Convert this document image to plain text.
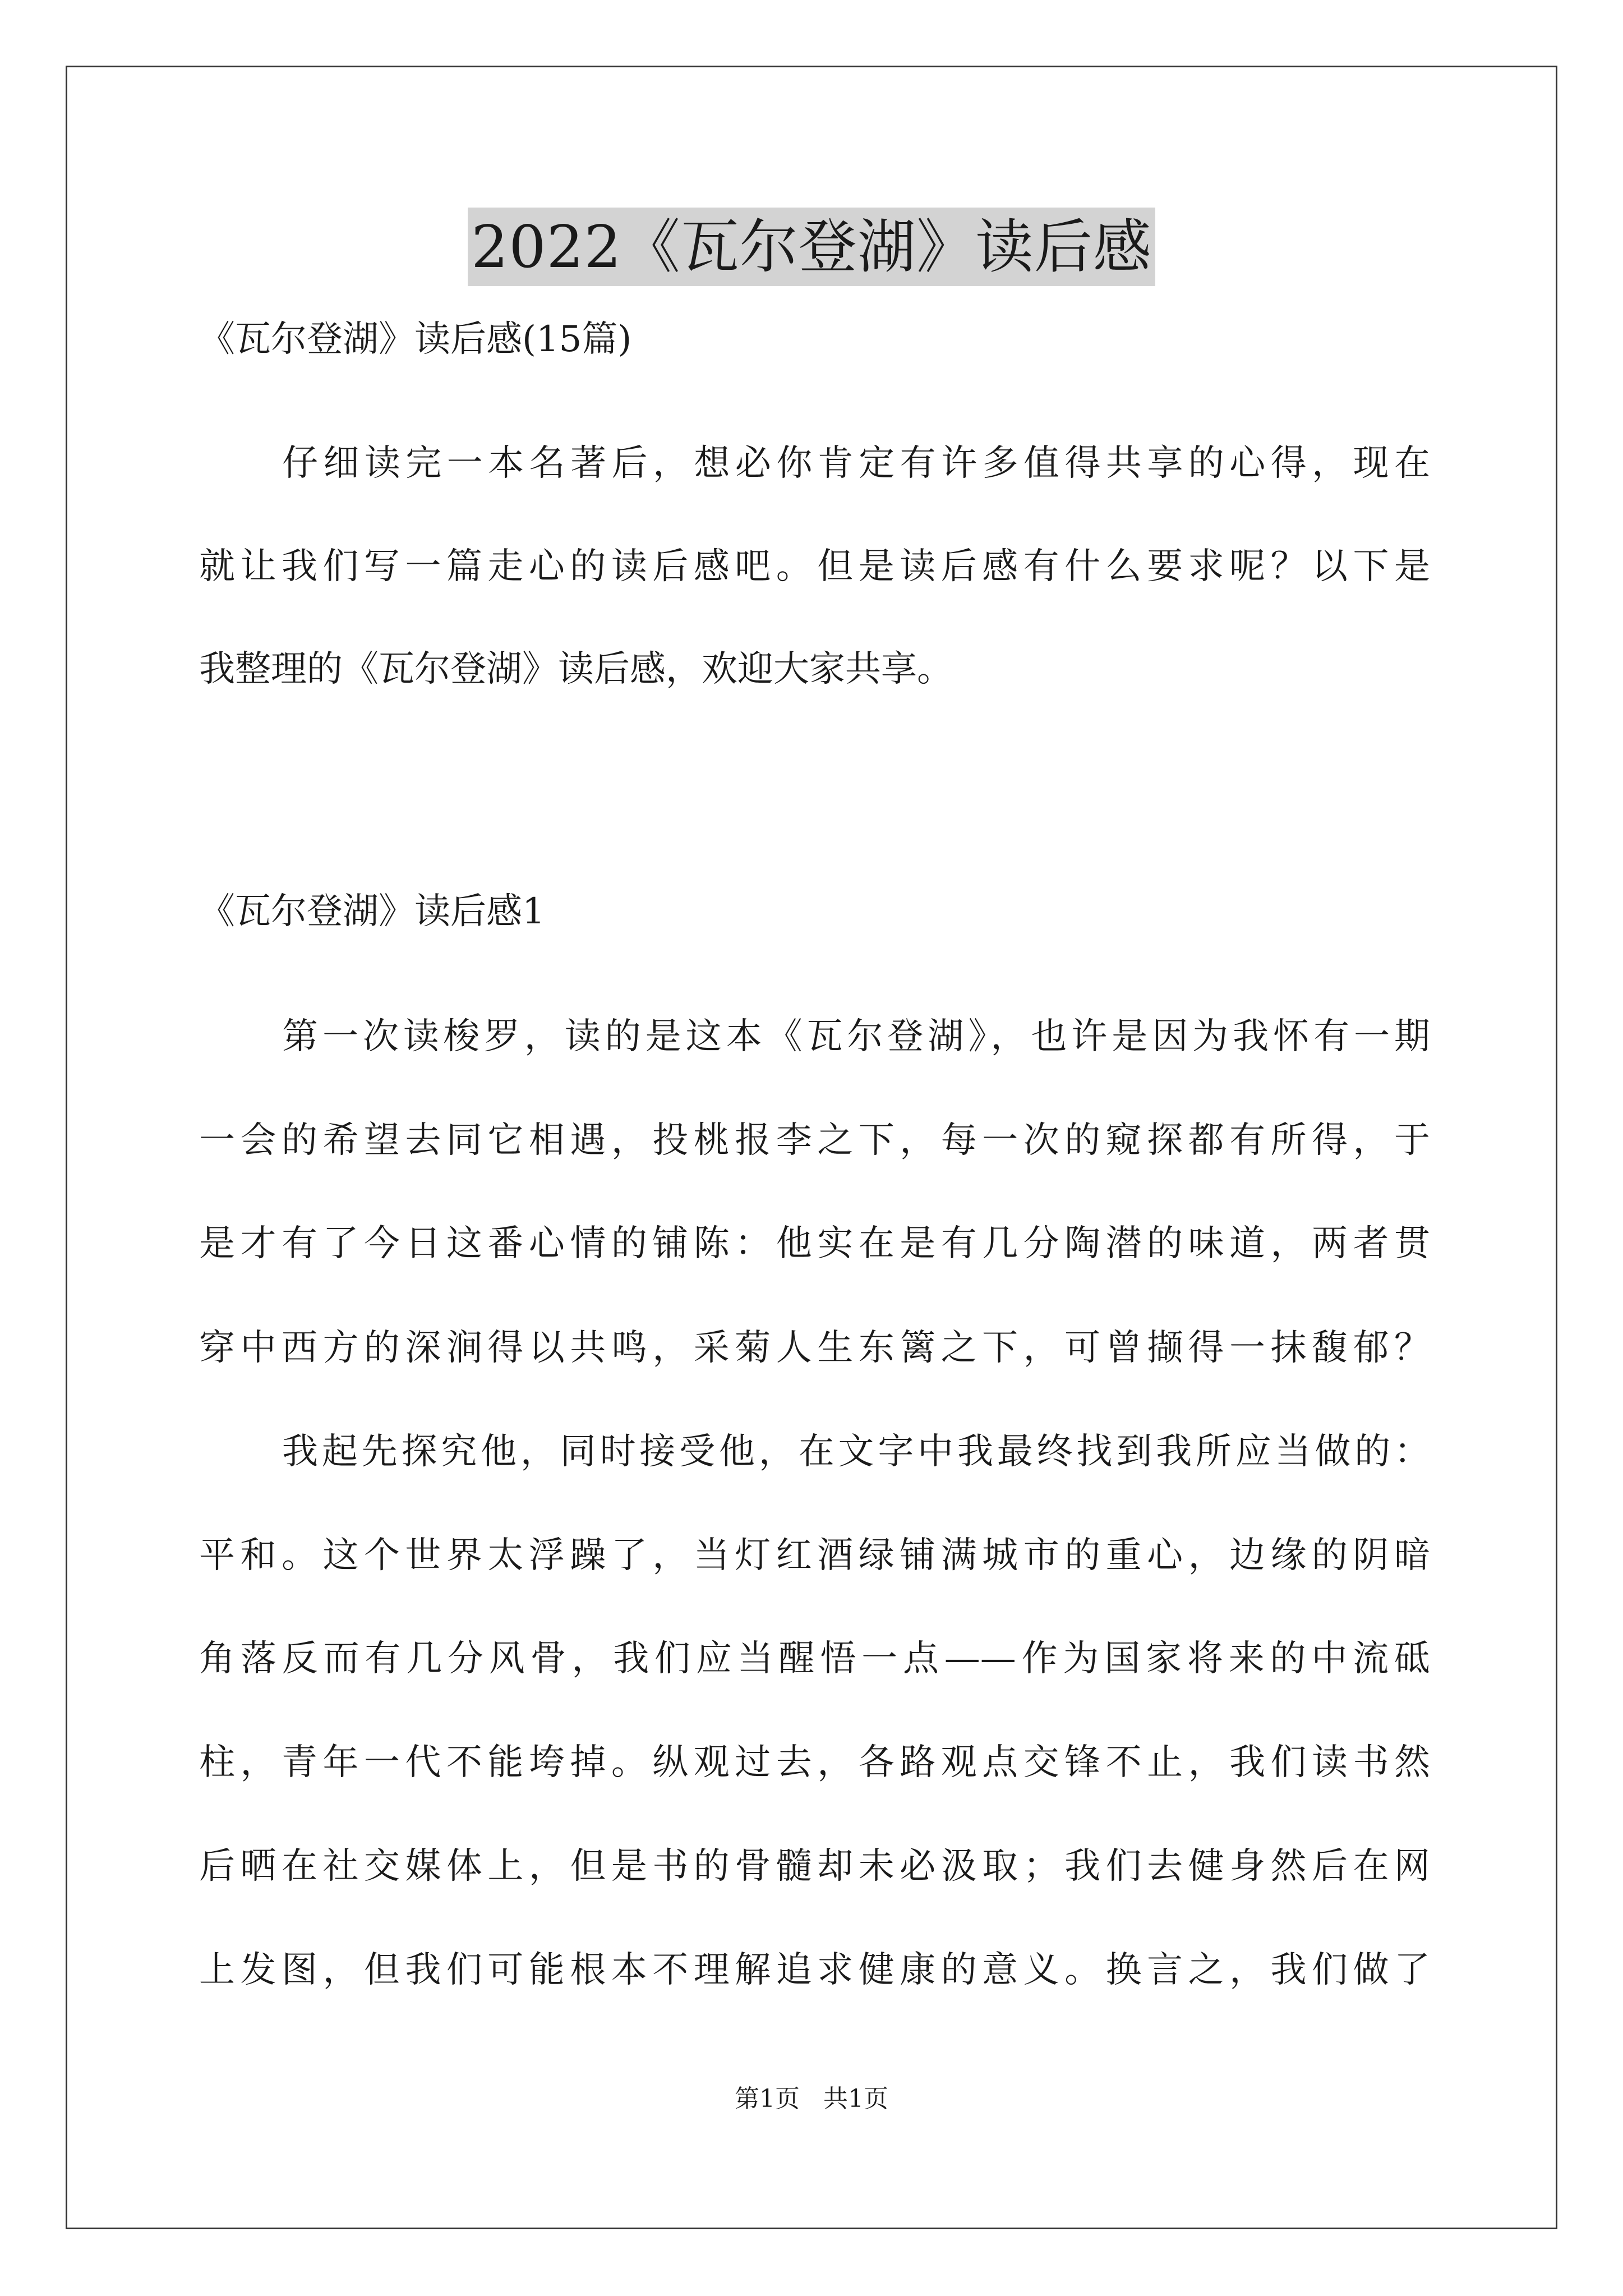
2022《瓦尔登湖》读后感
《瓦尔登湖》读后感(15篇)
仔细读完一本名著后，想必你肯定有许多值得共享的心得，现在
就让我们写一篇走心的读后感吧。但是读后感有什么要求呢？以下是
我整理的《瓦尔登湖》读后感，欢迎大家共享。
《瓦尔登湖》读后感1
第一次读梭罗，读的是这本《瓦尔登湖》，也许是因为我怀有一期
一会的希望去同它相遇，投桃报李之下，每一次的窥探都有所得，于
是才有了今日这番心情的铺陈：他实在是有几分陶潜的味道，两者贯
穿中西方的深涧得以共鸣，采菊人生东篱之下，可曾撷得一抹馥郁？
我起先探究他，同时接受他，在文字中我最终找到我所应当做的：
平和。这个世界太浮躁了，当灯红酒绿铺满城市的重心，边缘的阴暗
角落反而有几分风骨，我们应当醒悟一点——作为国家将来的中流砥
柱，青年一代不能垮掉。纵观过去，各路观点交锋不止，我们读书然
后晒在社交媒体上，但是书的骨髓却未必汲取；我们去健身然后在网
上发图，但我们可能根本不理解追求健康的意义。换言之，我们做了
第1页 共1页
